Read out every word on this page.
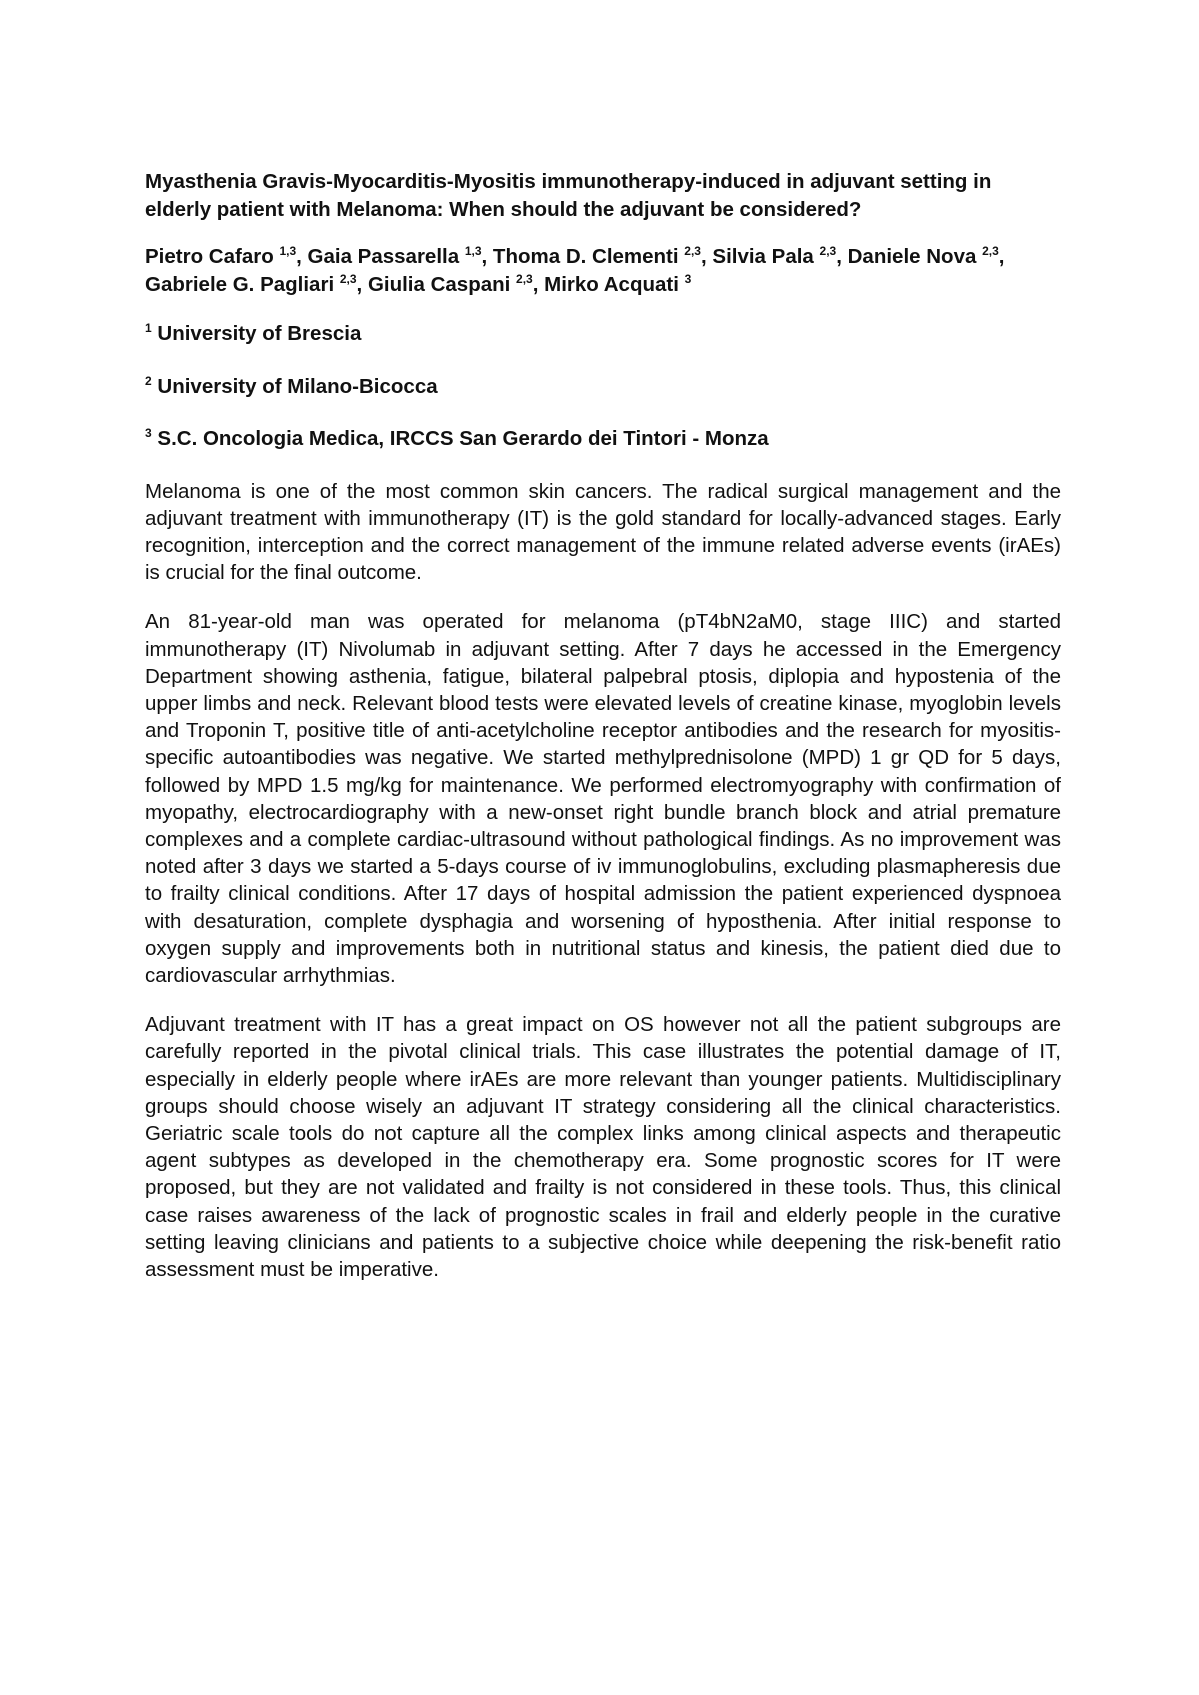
Myasthenia Gravis-Myocarditis-Myositis immunotherapy-induced in adjuvant setting in elderly patient with Melanoma: When should the adjuvant be considered?

Pietro Cafaro $^{1,3}$, Gaia Passarella $^{1,3}$, Thoma D. Clementi $^{2,3}$, Silvia Pala $^{2,3}$, Daniele Nova $^{2,3}$, Gabriele G. Pagliari $^{2,3}$, Giulia Caspani $^{2,3}$, Mirko Acquati $^3$

$^1$ University of Brescia

$^2$ University of Milano-Bicocca

$^3$ S.C. Oncologia Medica, IRCCS San Gerardo dei Tintori - Monza

Melanoma is one of the most common skin cancers. The radical surgical management and the adjuvant treatment with immunotherapy (IT) is the gold standard for locally-advanced stages. Early recognition, interception and the correct management of the immune related adverse events (irAEs) is crucial for the final outcome.

An 81-year-old man was operated for melanoma (pT4bN2aM0, stage IIIC) and started immunotherapy (IT) Nivolumab in adjuvant setting. After 7 days he accessed in the Emergency Department showing asthenia, fatigue, bilateral palpebral ptosis, diplopia and hypostenia of the upper limbs and neck. Relevant blood tests were elevated levels of creatine kinase, myoglobin levels and Troponin T, positive title of anti-acetylcholine receptor antibodies and the research for myositis-specific autoantibodies was negative. We started methylprednisolone (MPD) 1 gr QD for 5 days, followed by MPD 1.5 mg/kg for maintenance. We performed electromyography with confirmation of myopathy, electrocardiography with a new-onset right bundle branch block and atrial premature complexes and a complete cardiac-ultrasound without pathological findings. As no improvement was noted after 3 days we started a 5-days course of iv immunoglobulins, excluding plasmapheresis due to frailty clinical conditions. After 17 days of hospital admission the patient experienced dyspnoea with desaturation, complete dysphagia and worsening of hyposthenia. After initial response to oxygen supply and improvements both in nutritional status and kinesis, the patient died due to cardiovascular arrhythmias.

Adjuvant treatment with IT has a great impact on OS however not all the patient subgroups are carefully reported in the pivotal clinical trials. This case illustrates the potential damage of IT, especially in elderly people where irAEs are more relevant than younger patients. Multidisciplinary groups should choose wisely an adjuvant IT strategy considering all the clinical characteristics. Geriatric scale tools do not capture all the complex links among clinical aspects and therapeutic agent subtypes as developed in the chemotherapy era. Some prognostic scores for IT were proposed, but they are not validated and frailty is not considered in these tools. Thus, this clinical case raises awareness of the lack of prognostic scales in frail and elderly people in the curative setting leaving clinicians and patients to a subjective choice while deepening the risk-benefit ratio assessment must be imperative.
